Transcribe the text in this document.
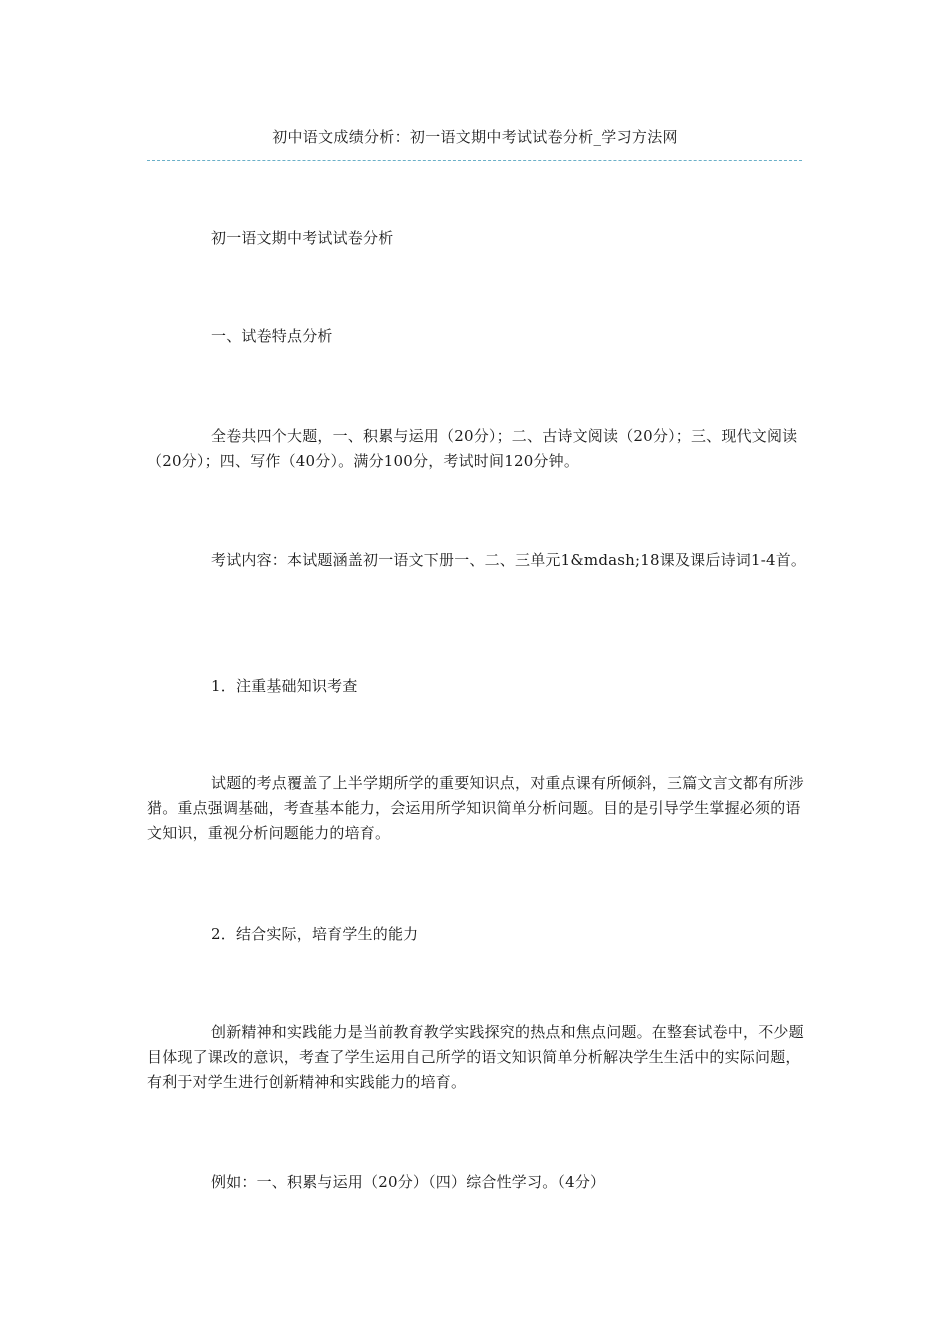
初中语文成绩分析：初一语文期中考试试卷分析_学习方法网

初一语文期中考试试卷分析

一、试卷特点分析

全卷共四个大题，一、积累与运用（20分）；二、古诗文阅读（20分）；三、现代文阅读（20分）；四、写作（40分）。满分100分，考试时间120分钟。

考试内容：本试题涵盖初一语文下册一、二、三单元1&mdash;18课及课后诗词1-4首。

1．注重基础知识考查

试题的考点覆盖了上半学期所学的重要知识点，对重点课有所倾斜，三篇文言文都有所涉猎。重点强调基础，考查基本能力，会运用所学知识简单分析问题。目的是引导学生掌握必须的语文知识，重视分析问题能力的培育。

2．结合实际，培育学生的能力

创新精神和实践能力是当前教育教学实践探究的热点和焦点问题。在整套试卷中，不少题目体现了课改的意识，考查了学生运用自己所学的语文知识简单分析解决学生生活中的实际问题，有利于对学生进行创新精神和实践能力的培育。

例如：一、积累与运用（20分）（四）综合性学习。（4分）
